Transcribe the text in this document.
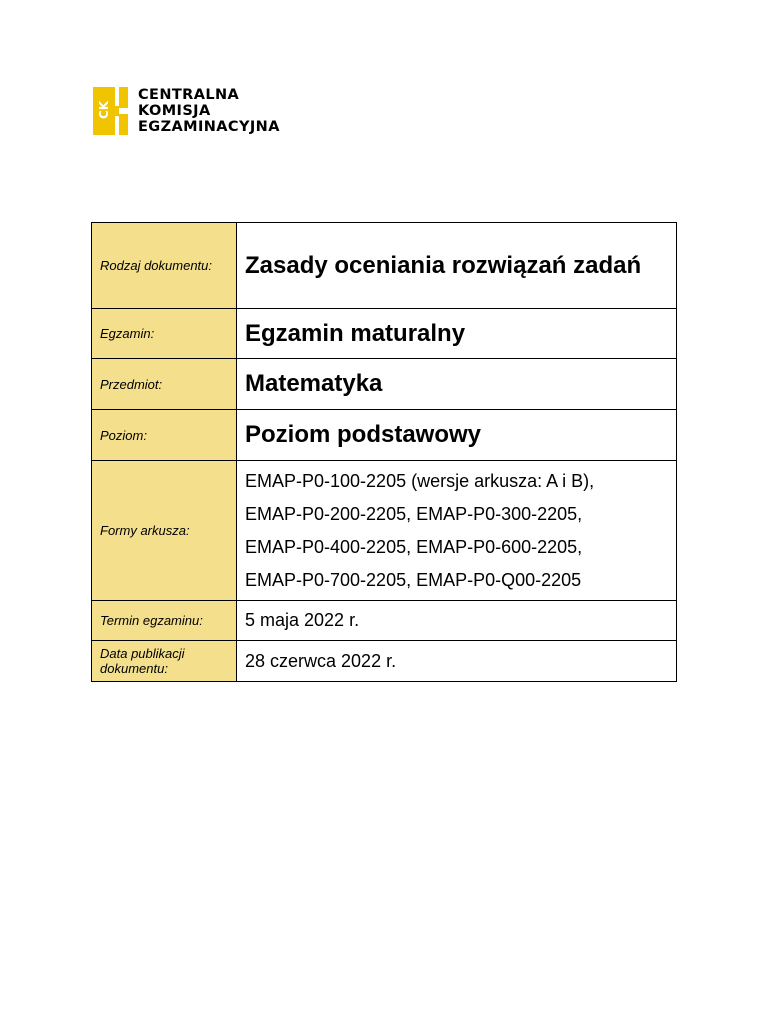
CK
CENTRALNA
KOMISJA
EGZAMINACYJNA
Rodzaj dokumentu:	Zasady oceniania rozwiązań zadań
Egzamin:	Egzamin maturalny
Przedmiot:	Matematyka
Poziom:	Poziom podstawowy
Formy arkusza:	EMAP-P0-100-2205 (wersje arkusza: A i B),
EMAP-P0-200-2205, EMAP-P0-300-2205,
EMAP-P0-400-2205, EMAP-P0-600-2205,
EMAP-P0-700-2205, EMAP-P0-Q00-2205

Termin egzaminu:	5 maja 2022 r.
Data publikacji dokumentu:	28 czerwca 2022 r.
